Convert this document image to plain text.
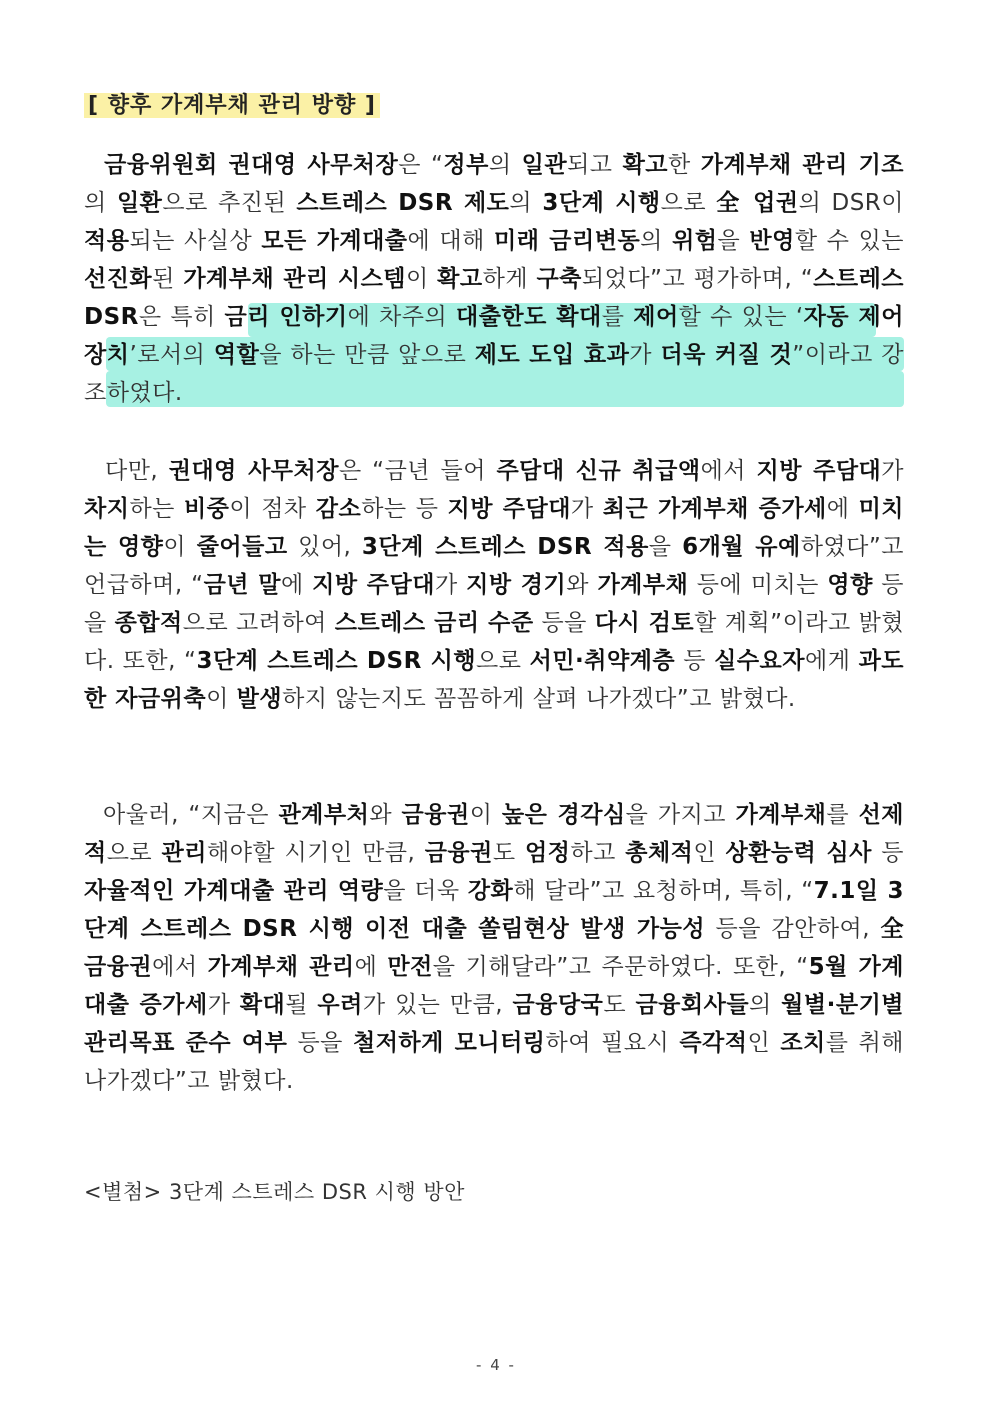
[ 향후 가계부채 관리 방향 ]
금융위원회 권대영 사무처장은 “정부의 일관되고 확고한 가계부채 관리 기조의 일환으로 추진된 스트레스 DSR 제도의 3단계 시행으로 全 업권의 DSR이 적용되는 사실상 모든 가계대출에 대해 미래 금리변동의 위험을 반영할 수 있는 선진화된 가계부채 관리 시스템이 확고하게 구축되었다”고 평가하며, “스트레스 DSR은 특히 금리 인하기에 차주의 대출한도 확대를 제어할 수 있는 ‘자동 제어장치’로서의 역할을 하는 만큼 앞으로 제도 도입 효과가 더욱 커질 것”이라고 강조하였다.
다만, 권대영 사무처장은 “금년 들어 주담대 신규 취급액에서 지방 주담대가 차지하는 비중이 점차 감소하는 등 지방 주담대가 최근 가계부채 증가세에 미치는 영향이 줄어들고 있어, 3단계 스트레스 DSR 적용을 6개월 유예하였다”고 언급하며, “금년 말에 지방 주담대가 지방 경기와 가계부채 등에 미치는 영향 등을 종합적으로 고려하여 스트레스 금리 수준 등을 다시 검토할 계획”이라고 밝혔다. 또한, “3단계 스트레스 DSR 시행으로 서민·취약계층 등 실수요자에게 과도한 자금위축이 발생하지 않는지도 꼼꼼하게 살펴 나가겠다”고 밝혔다.
아울러, “지금은 관계부처와 금융권이 높은 경각심을 가지고 가계부채를 선제적으로 관리해야할 시기인 만큼, 금융권도 엄정하고 총체적인 상환능력 심사 등 자율적인 가계대출 관리 역량을 더욱 강화해 달라”고 요청하며, 특히, “7.1일 3단계 스트레스 DSR 시행 이전 대출 쏠림현상 발생 가능성 등을 감안하여, 全 금융권에서 가계부채 관리에 만전을 기해달라”고 주문하였다. 또한, “5월 가계대출 증가세가 확대될 우려가 있는 만큼, 금융당국도 금융회사들의 월별·분기별 관리목표 준수 여부 등을 철저하게 모니터링하여 필요시 즉각적인 조치를 취해 나가겠다”고 밝혔다.
<별첨> 3단계 스트레스 DSR 시행 방안
- 4 -
